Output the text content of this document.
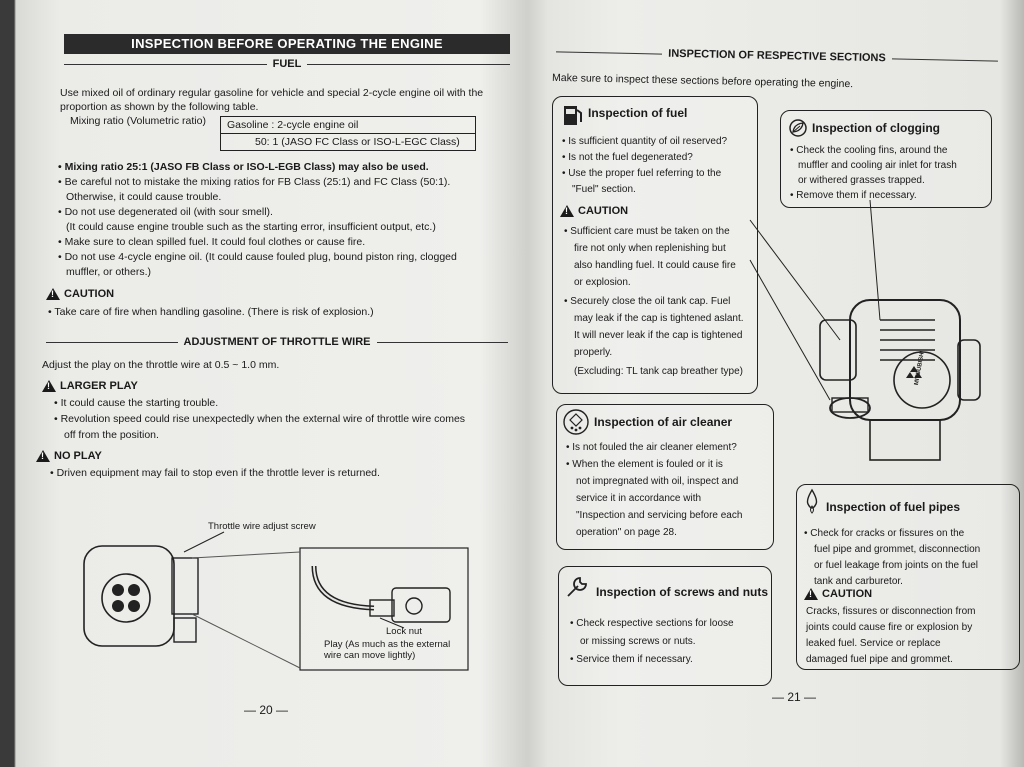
INSPECTION BEFORE OPERATING THE ENGINE
FUEL
Use mixed oil of ordinary regular gasoline for vehicle and special 2-cycle engine oil with the
proportion as shown by the following table.
Mixing ratio (Volumetric ratio)	Gasoline : 2-cycle engine oil
50: 1 (JASO FC Class or ISO-L-EGC Class)
• Mixing ratio 25:1 (JASO FB Class or ISO-L-EGB Class) may also be used.
• Be careful not to mistake the mixing ratios for FB Class (25:1) and FC Class (50:1).
Otherwise, it could cause trouble.
• Do not use degenerated oil (with sour smell).
(It could cause engine trouble such as the starting error, insufficient output, etc.)
• Make sure to clean spilled fuel. It could foul clothes or cause fire.
• Do not use 4-cycle engine oil. (It could cause fouled plug, bound piston ring, clogged
muffler, or others.)
!
CAUTION
• Take care of fire when handling gasoline. (There is risk of explosion.)
ADJUSTMENT OF THROTTLE WIRE
Adjust the play on the throttle wire at 0.5 ~ 1.0 mm.
!
LARGER PLAY
• It could cause the starting trouble.
• Revolution speed could rise unexpectedly when the external wire of throttle wire comes
off from the position.
!
NO PLAY
• Driven equipment may fail to stop even if the throttle lever is returned.
Throttle wire adjust screw
Lock nut
Play (As much as the external
wire can move lightly)
— 20 —
INSPECTION OF RESPECTIVE SECTIONS
Make sure to inspect these sections before operating the engine.
Inspection of fuel
• Is sufficient quantity of oil reserved?
• Is not the fuel degenerated?
• Use the proper fuel referring to the
"Fuel" section.
!
CAUTION
• Sufficient care must be taken on the
fire not only when replenishing but
also handling fuel. It could cause fire
or explosion.
• Securely close the oil tank cap. Fuel
may leak if the cap is tightened aslant.
It will never leak if the cap is tightened
properly.
(Excluding: TL tank cap breather type)
Inspection of clogging
• Check the cooling fins, around the
muffler and cooling air inlet for trash
or withered grasses trapped.
• Remove them if necessary.
MITSUBISHI
Inspection of air cleaner
• Is not fouled the air cleaner element?
• When the element is fouled or it is
not impregnated with oil, inspect and
service it in accordance with
"Inspection and servicing before each
operation" on page 28.
Inspection of fuel pipes
• Check for cracks or fissures on the
fuel pipe and grommet, disconnection
or fuel leakage from joints on the fuel
tank and carburetor.
!
CAUTION
Cracks, fissures or disconnection from
joints could cause fire or explosion by
leaked fuel. Service or replace
damaged fuel pipe and grommet.
Inspection of screws and nuts
• Check respective sections for loose
or missing screws or nuts.
• Service them if necessary.
— 21 —
